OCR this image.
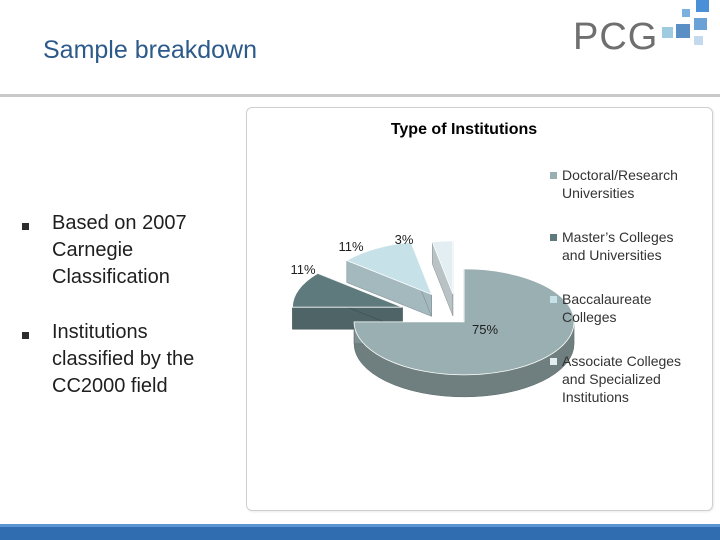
Sample breakdown	PCG
Based on 2007 Carnegie Classification
Institutions classified by the CC2000 field
Type of Institutions
75%
11%
11% 3%
Doctoral/Research Universities
Master’s Colleges and Universities
Baccalaureate Colleges
Associate Colleges and Specialized Institutions
